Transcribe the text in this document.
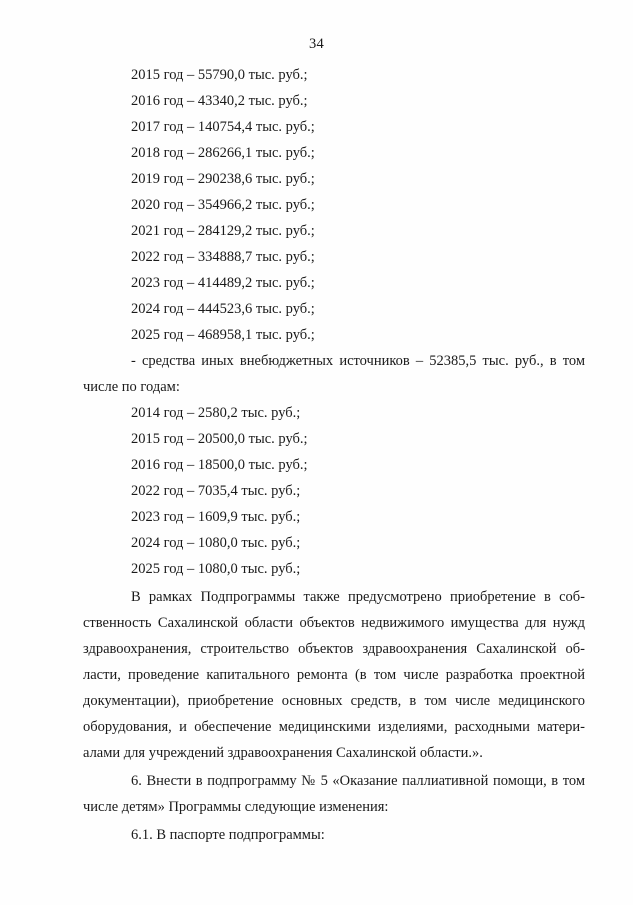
34
2015 год – 55790,0 тыс. руб.;
2016 год – 43340,2 тыс. руб.;
2017 год – 140754,4 тыс. руб.;
2018 год – 286266,1 тыс. руб.;
2019 год – 290238,6 тыс. руб.;
2020 год – 354966,2 тыс. руб.;
2021 год – 284129,2 тыс. руб.;
2022 год – 334888,7 тыс. руб.;
2023 год – 414489,2 тыс. руб.;
2024 год – 444523,6 тыс. руб.;
2025 год – 468958,1 тыс. руб.;
- средства иных внебюджетных источников – 52385,5 тыс. руб., в том
числе по годам:
2014 год – 2580,2 тыс. руб.;
2015 год – 20500,0 тыс. руб.;
2016 год – 18500,0 тыс. руб.;
2022 год – 7035,4 тыс. руб.;
2023 год – 1609,9 тыс. руб.;
2024 год – 1080,0 тыс. руб.;
2025 год – 1080,0 тыс. руб.;
В рамках Подпрограммы также предусмотрено приобретение в соб-
ственность Сахалинской области объектов недвижимого имущества для нужд
здравоохранения, строительство объектов здравоохранения Сахалинской об-
ласти, проведение капитального ремонта (в том числе разработка проектной
документации), приобретение основных средств, в том числе медицинского
оборудования, и обеспечение медицинскими изделиями, расходными матери-
алами для учреждений здравоохранения Сахалинской области.».
6. Внести в подпрограмму № 5 «Оказание паллиативной помощи, в том
числе детям» Программы следующие изменения:
6.1. В паспорте подпрограммы:
